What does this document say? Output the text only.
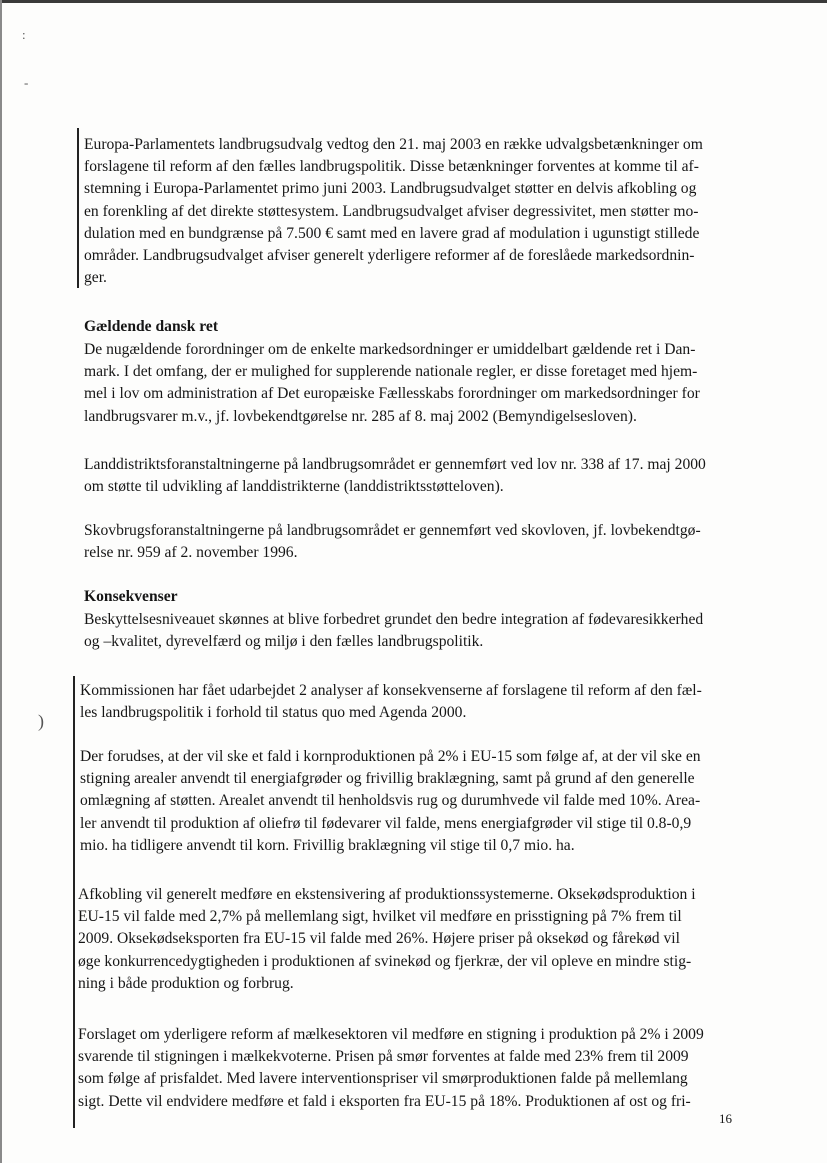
:
-
)
Europa-Parlamentets landbrugsudvalg vedtog den 21. maj 2003 en række udvalgsbetænkninger om
forslagene til reform af den fælles landbrugspolitik. Disse betænkninger forventes at komme til af-
stemning i Europa-Parlamentet primo juni 2003. Landbrugsudvalget støtter en delvis afkobling og
en forenkling af det direkte støttesystem. Landbrugsudvalget afviser degressivitet, men støtter mo-
dulation med en bundgrænse på 7.500 € samt med en lavere grad af modulation i ugunstigt stillede
områder. Landbrugsudvalget afviser generelt yderligere reformer af de foreslåede markedsordnin-
ger.
Gældende dansk ret
De nugældende forordninger om de enkelte markedsordninger er umiddelbart gældende ret i Dan-
mark. I det omfang, der er mulighed for supplerende nationale regler, er disse foretaget med hjem-
mel i lov om administration af Det europæiske Fællesskabs forordninger om markedsordninger for
landbrugsvarer m.v., jf. lovbekendtgørelse nr. 285 af 8. maj 2002 (Bemyndigelsesloven).
Landdistriktsforanstaltningerne på landbrugsområdet er gennemført ved lov nr. 338 af 17. maj 2000
om støtte til udvikling af landdistrikterne (landdistriktsstøtteloven).
Skovbrugsforanstaltningerne på landbrugsområdet er gennemført ved skovloven, jf. lovbekendtgø-
relse nr. 959 af 2. november 1996.
Konsekvenser
Beskyttelsesniveauet skønnes at blive forbedret grundet den bedre integration af fødevaresikkerhed
og –kvalitet, dyrevelfærd og miljø i den fælles landbrugspolitik.
Kommissionen har fået udarbejdet 2 analyser af konsekvenserne af forslagene til reform af den fæl-
les landbrugspolitik i forhold til status quo med Agenda 2000.
Der forudses, at der vil ske et fald i kornproduktionen på 2% i EU-15 som følge af, at der vil ske en
stigning arealer anvendt til energiafgrøder og frivillig braklægning, samt på grund af den generelle
omlægning af støtten. Arealet anvendt til henholdsvis rug og durumhvede vil falde med 10%. Area-
ler anvendt til produktion af oliefrø til fødevarer vil falde, mens energiafgrøder vil stige til 0.8-0,9
mio. ha tidligere anvendt til korn. Frivillig braklægning vil stige til 0,7 mio. ha.
Afkobling vil generelt medføre en ekstensivering af produktionssystemerne. Oksekødsproduktion i
EU-15 vil falde med 2,7% på mellemlang sigt, hvilket vil medføre en prisstigning på 7% frem til
2009. Oksekødseksporten fra EU-15 vil falde med 26%. Højere priser på oksekød og fårekød vil
øge konkurrencedygtigheden i produktionen af svinekød og fjerkræ, der vil opleve en mindre stig-
ning i både produktion og forbrug.
Forslaget om yderligere reform af mælkesektoren vil medføre en stigning i produktion på 2% i 2009
svarende til stigningen i mælkekvoterne. Prisen på smør forventes at falde med 23% frem til 2009
som følge af prisfaldet. Med lavere interventionspriser vil smørproduktionen falde på mellemlang
sigt. Dette vil endvidere medføre et fald i eksporten fra EU-15 på 18%. Produktionen af ost og fri-
16
